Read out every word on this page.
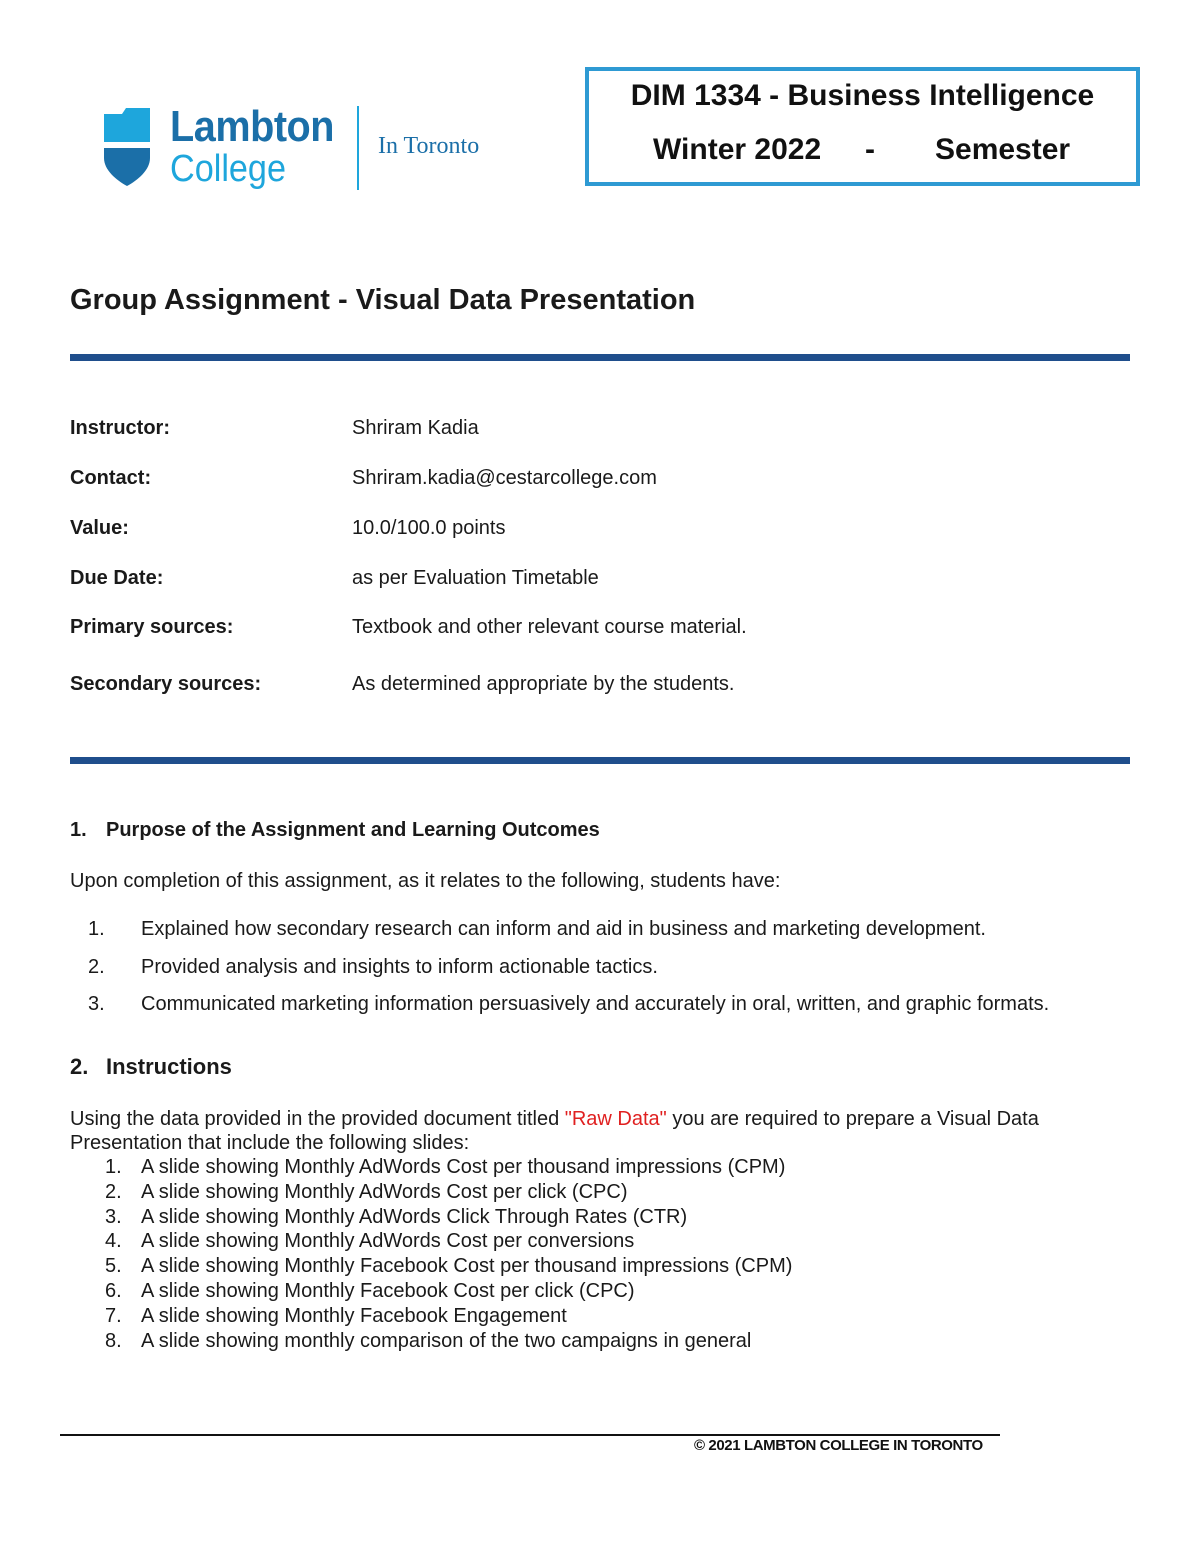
Lambton
College
In Toronto
DIM 1334 - Business Intelligence
Winter 2022 - Semester
Group Assignment - Visual Data Presentation
Instructor:	Shriram Kadia
Contact:	Shriram.kadia@cestarcollege.com
Value:	10.0/100.0 points
Due Date:	as per Evaluation Timetable
Primary sources:	Textbook and other relevant course material.
Secondary sources:	As determined appropriate by the students.
1. Purpose of the Assignment and Learning Outcomes
Upon completion of this assignment, as it relates to the following, students have:
1. Explained how secondary research can inform and aid in business and marketing development.
2. Provided analysis and insights to inform actionable tactics.
3. Communicated marketing information persuasively and accurately in oral, written, and graphic formats.
2. Instructions
Using the data provided in the provided document titled "Raw Data" you are required to prepare a Visual Data Presentation that include the following slides:
1. A slide showing Monthly AdWords Cost per thousand impressions (CPM)
2. A slide showing Monthly AdWords Cost per click (CPC)
3. A slide showing Monthly AdWords Click Through Rates (CTR)
4. A slide showing Monthly AdWords Cost per conversions
5. A slide showing Monthly Facebook Cost per thousand impressions (CPM)
6. A slide showing Monthly Facebook Cost per click (CPC)
7. A slide showing Monthly Facebook Engagement
8. A slide showing monthly comparison of the two campaigns in general
© 2021 LAMBTON COLLEGE IN TORONTO
